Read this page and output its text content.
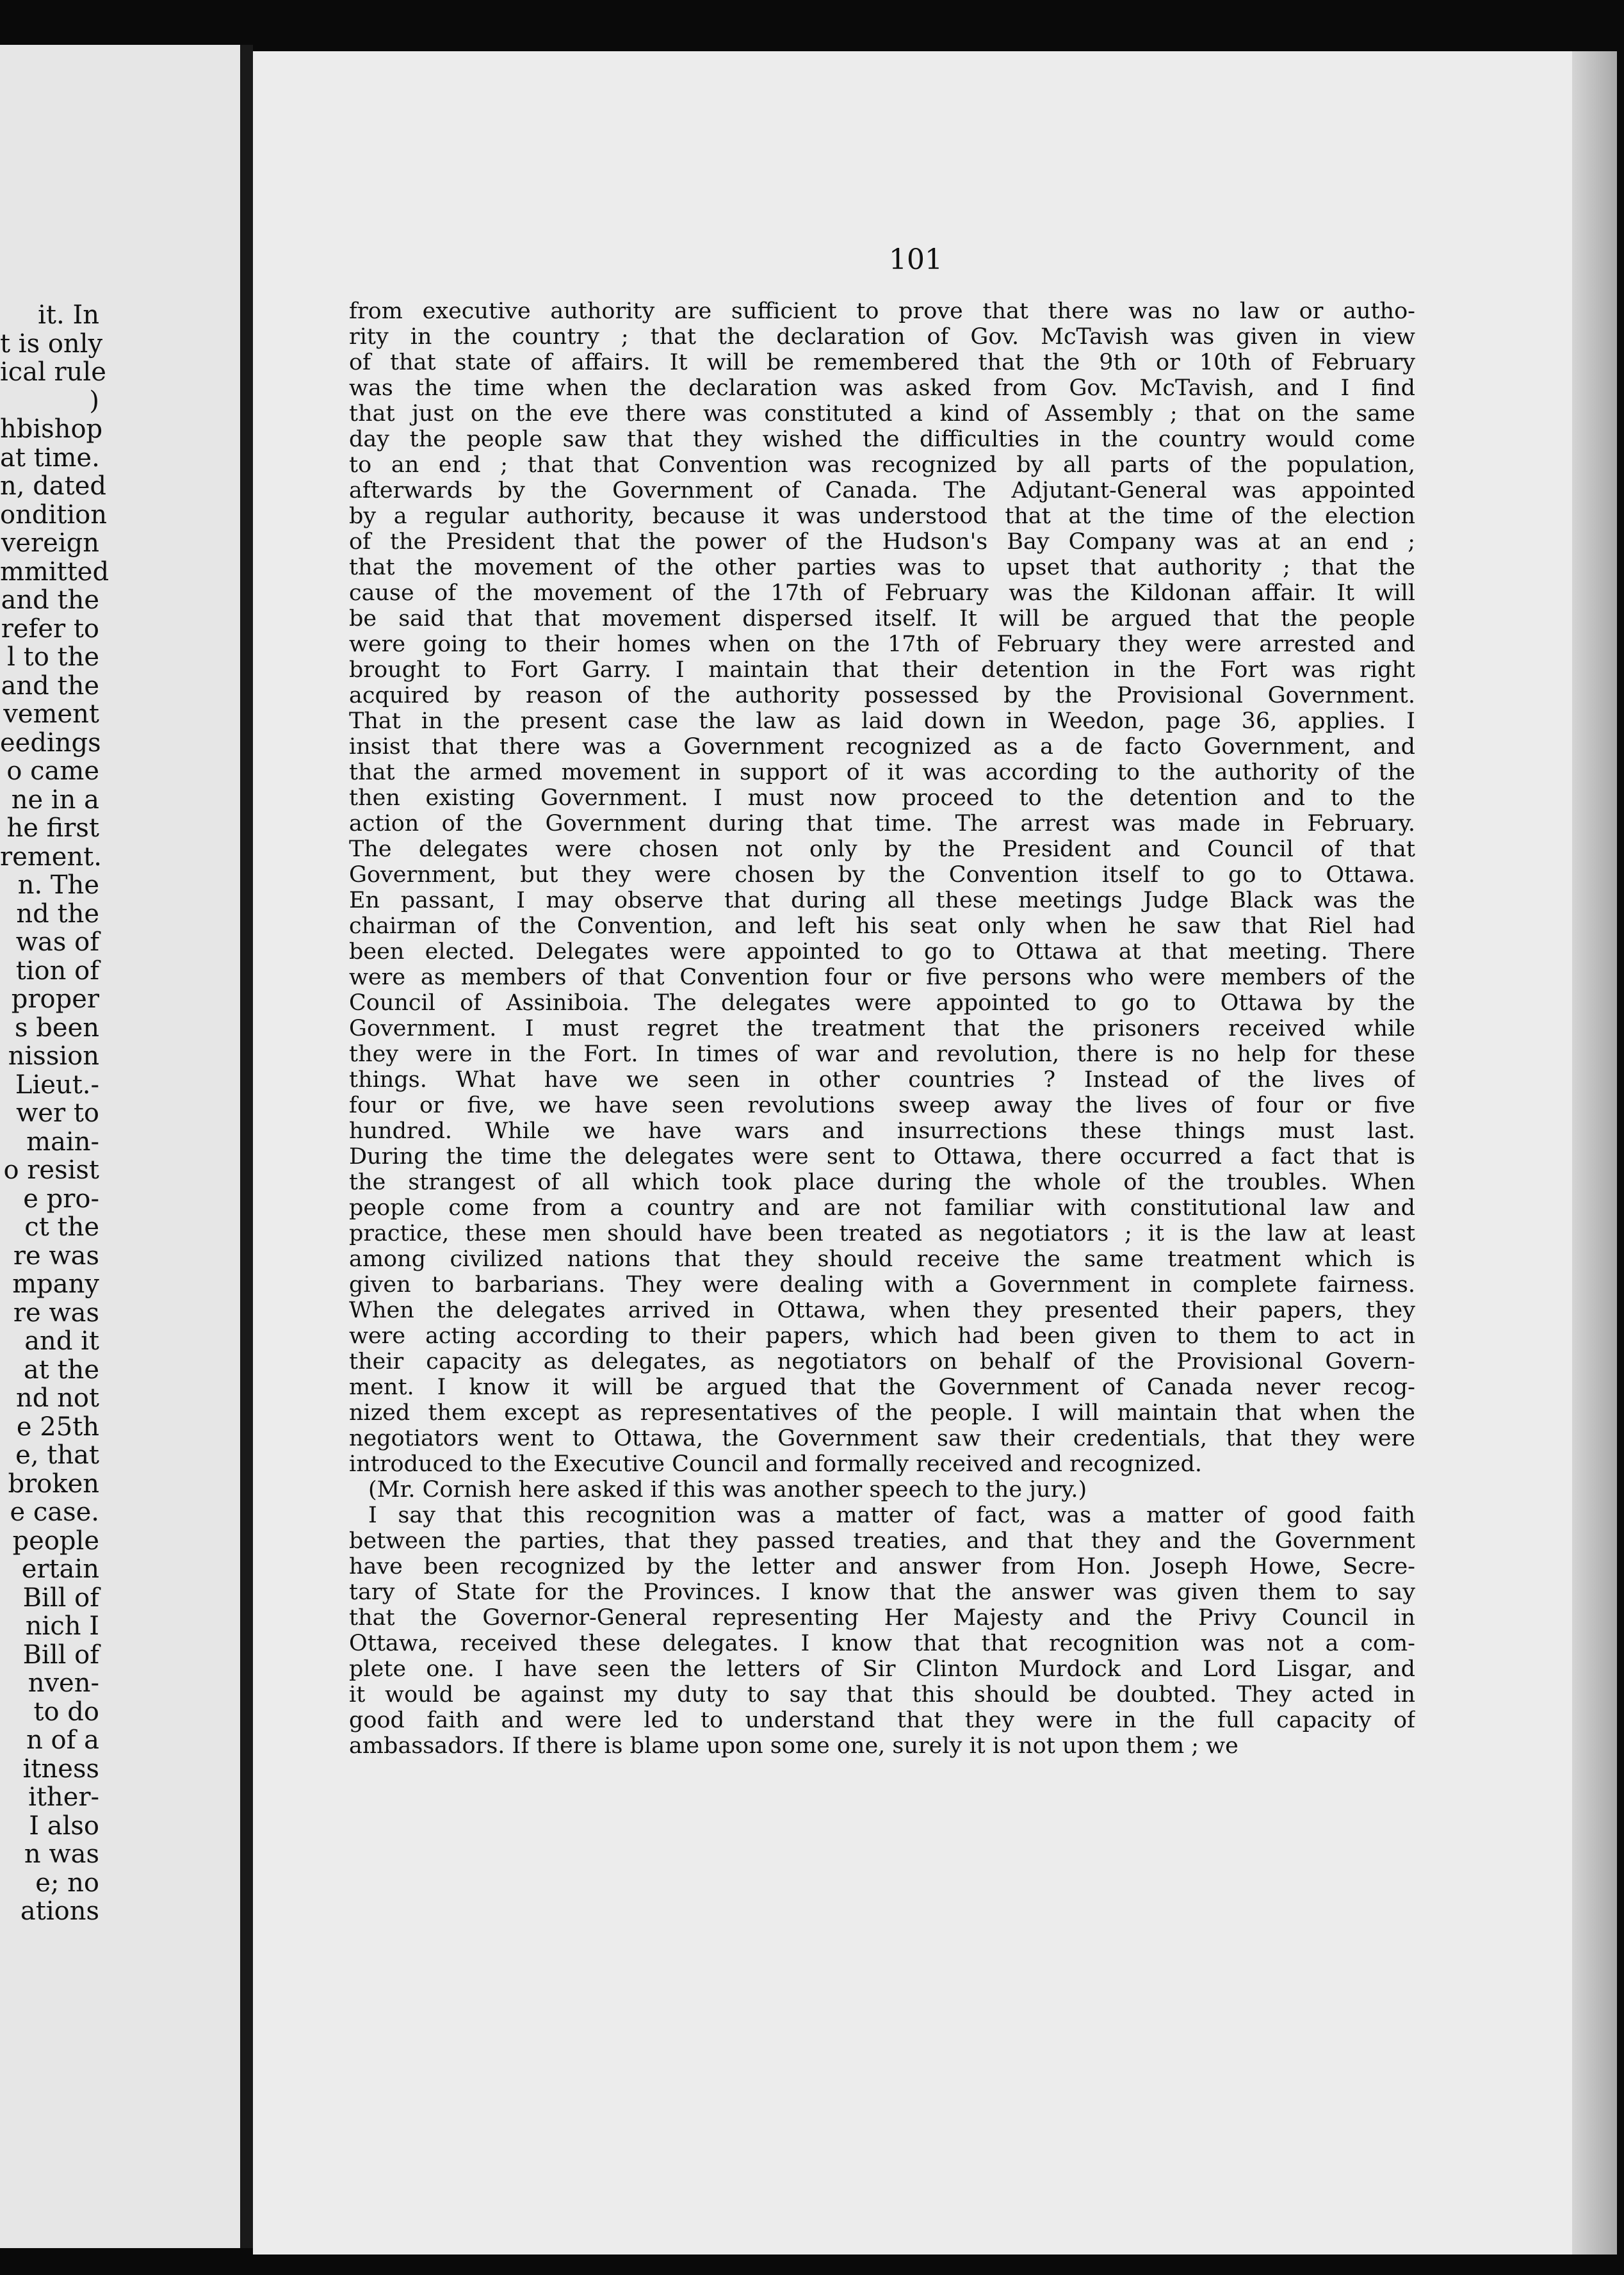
it. In
t is only
ical rule
)
hbishop
at time.
n, dated
ondition
vereign
mmitted
and the
refer to
l to the
and the
vement
eedings
o came
ne in a
he first
rement.
n. The
nd the
was of
tion of
proper
s been
nission
Lieut.-
wer to
main-
o resist
e pro-
ct the
re was
mpany
re was
and it
at the
nd not
e 25th
e, that
broken
e case.
people
ertain
Bill of
nich I
Bill of
nven-
to do
n of a
itness
ither-
I also
n was
e; no
ations
101
from executive authority are sufficient to prove that there was no law or autho-
rity in the country ; that the declaration of Gov. McTavish was given in view
of that state of affairs. It will be remembered that the 9th or 10th of February
was the time when the declaration was asked from Gov. McTavish, and I find
that just on the eve there was constituted a kind of Assembly ; that on the same
day the people saw that they wished the difficulties in the country would come
to an end ; that that Convention was recognized by all parts of the population,
afterwards by the Government of Canada. The Adjutant-General was appointed
by a regular authority, because it was understood that at the time of the election
of the President that the power of the Hudson's Bay Company was at an end ;
that the movement of the other parties was to upset that authority ; that the
cause of the movement of the 17th of February was the Kildonan affair. It will
be said that that movement dispersed itself. It will be argued that the people
were going to their homes when on the 17th of February they were arrested and
brought to Fort Garry. I maintain that their detention in the Fort was right
acquired by reason of the authority possessed by the Provisional Government.
That in the present case the law as laid down in Weedon, page 36, applies. I
insist that there was a Government recognized as a de facto Government, and
that the armed movement in support of it was according to the authority of the
then existing Government. I must now proceed to the detention and to the
action of the Government during that time. The arrest was made in February.
The delegates were chosen not only by the President and Council of that
Government, but they were chosen by the Convention itself to go to Ottawa.
En passant, I may observe that during all these meetings Judge Black was the
chairman of the Convention, and left his seat only when he saw that Riel had
been elected. Delegates were appointed to go to Ottawa at that meeting. There
were as members of that Convention four or five persons who were members of the
Council of Assiniboia. The delegates were appointed to go to Ottawa by the
Government. I must regret the treatment that the prisoners received while
they were in the Fort. In times of war and revolution, there is no help for these
things. What have we seen in other countries ? Instead of the lives of
four or five, we have seen revolutions sweep away the lives of four or five
hundred. While we have wars and insurrections these things must last.
During the time the delegates were sent to Ottawa, there occurred a fact that is
the strangest of all which took place during the whole of the troubles. When
people come from a country and are not familiar with constitutional law and
practice, these men should have been treated as negotiators ; it is the law at least
among civilized nations that they should receive the same treatment which is
given to barbarians. They were dealing with a Government in complete fairness.
When the delegates arrived in Ottawa, when they presented their papers, they
were acting according to their papers, which had been given to them to act in
their capacity as delegates, as negotiators on behalf of the Provisional Govern-
ment. I know it will be argued that the Government of Canada never recog-
nized them except as representatives of the people. I will maintain that when the
negotiators went to Ottawa, the Government saw their credentials, that they were
introduced to the Executive Council and formally received and recognized.
(Mr. Cornish here asked if this was another speech to the jury.)
I say that this recognition was a matter of fact, was a matter of good faith
between the parties, that they passed treaties, and that they and the Government
have been recognized by the letter and answer from Hon. Joseph Howe, Secre-
tary of State for the Provinces. I know that the answer was given them to say
that the Governor-General representing Her Majesty and the Privy Council in
Ottawa, received these delegates. I know that that recognition was not a com-
plete one. I have seen the letters of Sir Clinton Murdock and Lord Lisgar, and
it would be against my duty to say that this should be doubted. They acted in
good faith and were led to understand that they were in the full capacity of
ambassadors. If there is blame upon some one, surely it is not upon them ; we
